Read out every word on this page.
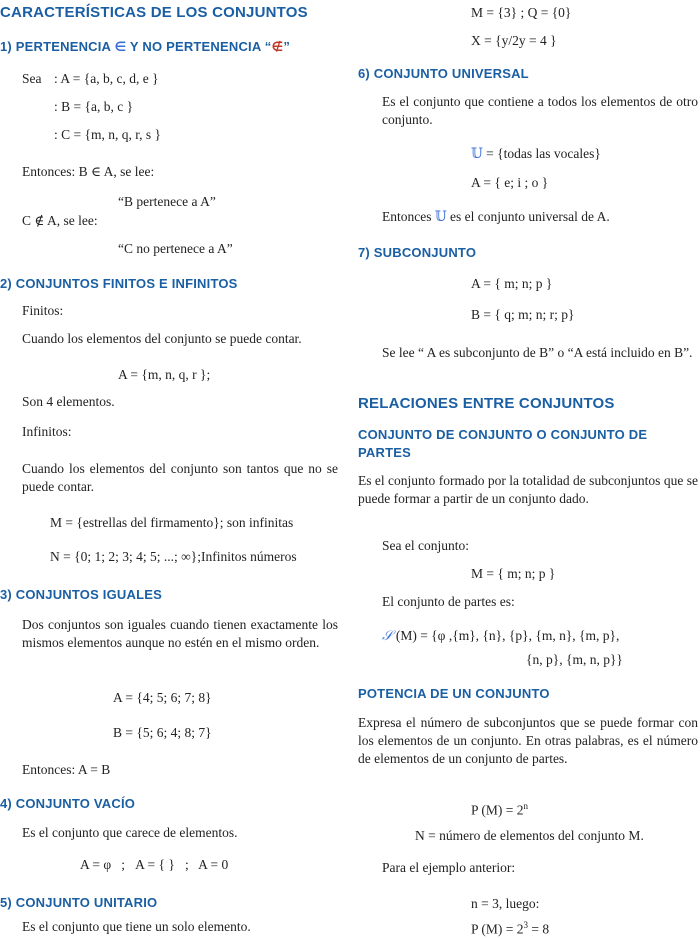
CARACTERÍSTICAS DE LOS CONJUNTOS
1) PERTENENCIA ∈ Y NO PERTENENCIA “∉”
Sea : A = {a, b, c, d, e }
: B = {a, b, c }
: C = {m, n, q, r, s }
Entonces: B ∈ A, se lee:
“B pertenece a A”
C ∉ A, se lee:
“C no pertenece a A”
2) CONJUNTOS FINITOS E INFINITOS
Finitos:
Cuando los elementos del conjunto se puede contar.
A = {m, n, q, r };
Son 4 elementos.
Infinitos:
Cuando los elementos del conjunto son tantos que no se puede contar.
M = {estrellas del firmamento}; son infinitas
N = {0; 1; 2; 3; 4; 5; ...; ∞};Infinitos números
3) CONJUNTOS IGUALES
Dos conjuntos son iguales cuando tienen exactamente los mismos elementos aunque no estén en el mismo orden.
A = {4; 5; 6; 7; 8}
B = {5; 6; 4; 8; 7}
Entonces: A = B
4) CONJUNTO VACÍO
Es el conjunto que carece de elementos.
A = φ   ;   A = { }   ;   A = 0
5) CONJUNTO UNITARIO
Es el conjunto que tiene un solo elemento.
M = {3} ; Q = {0}
X = {y/2y = 4 }
6) CONJUNTO UNIVERSAL
Es el conjunto que contiene a todos los elementos de otro conjunto.
𝕌 = {todas las vocales}
A = { e; i ; o }
Entonces 𝕌 es el conjunto universal de A.
7) SUBCONJUNTO
A = { m; n; p }
B = { q; m; n; r; p}
Se lee “ A es subconjunto de B” o “A está incluido en B”.
RELACIONES ENTRE CONJUNTOS
CONJUNTO DE CONJUNTO O CONJUNTO DE PARTES
Es el conjunto formado por la totalidad de subconjuntos que se puede formar a partir de un conjunto dado.
Sea el conjunto:
M = { m; n; p }
El conjunto de partes es:
𝒮 (M) = {φ ,{m}, {n}, {p}, {m, n}, {m, p},
{n, p}, {m, n, p}}
POTENCIA DE UN CONJUNTO
Expresa el número de subconjuntos que se puede formar con los elementos de un conjunto. En otras palabras, es el número de elementos de un conjunto de partes.
P $(M) = 2^n$
N = número de elementos del conjunto M.
Para el ejemplo anterior:
n = 3, luego:
P $(M) = 2^3 = 8$
